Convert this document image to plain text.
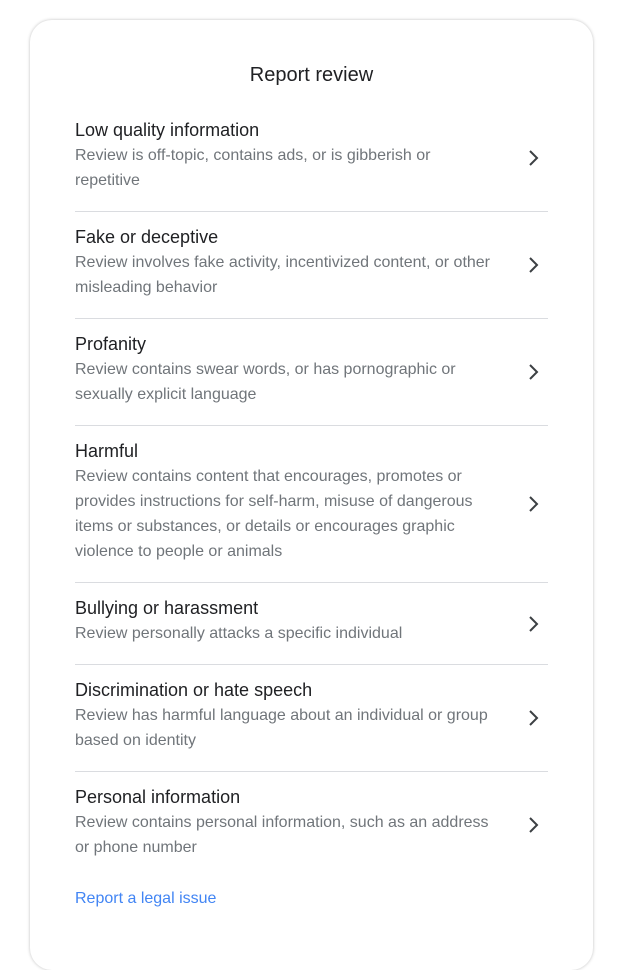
Report review
Low quality information
Review is off-topic, contains ads, or is gibberish or repetitive
Fake or deceptive
Review involves fake activity, incentivized content, or other misleading behavior
Profanity
Review contains swear words, or has pornographic or sexually explicit language
Harmful
Review contains content that encourages, promotes or provides instructions for self-harm, misuse of dangerous items or substances, or details or encourages graphic violence to people or animals
Bullying or harassment
Review personally attacks a specific individual
Discrimination or hate speech
Review has harmful language about an individual or group based on identity
Personal information
Review contains personal information, such as an address or phone number
Report a legal issue
